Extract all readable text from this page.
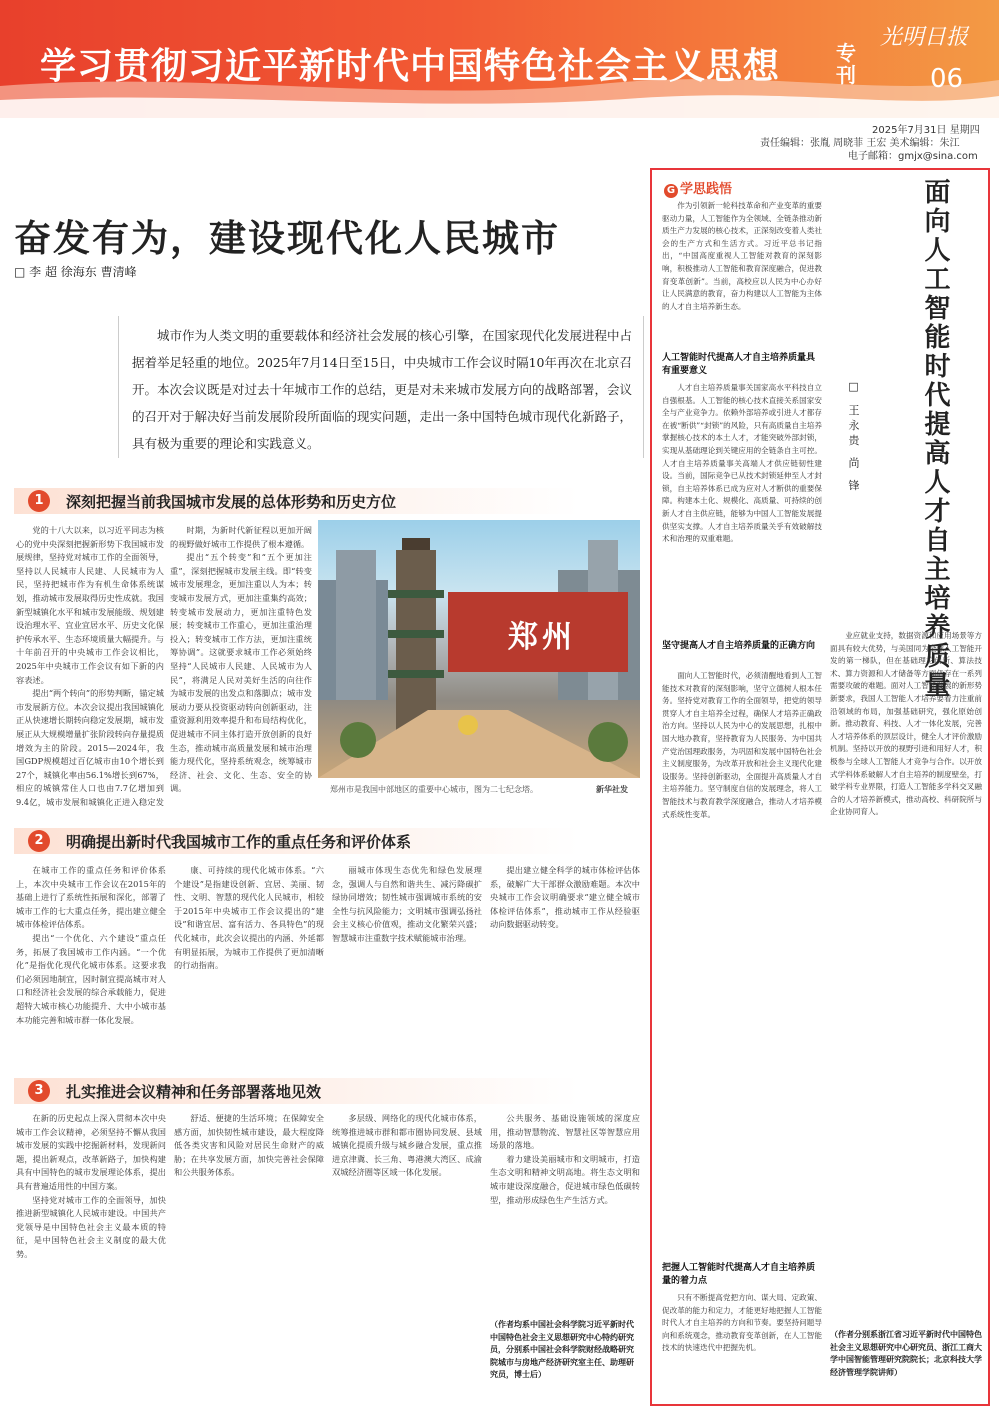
学习贯彻习近平新时代中国特色社会主义思想	专刊
光明日报
06
2025年7月31日 星期四
责任编辑：张胤 周晓菲 王宏 美术编辑：朱江
电子邮箱：gmjx@sina.com
奋发有为，建设现代化人民城市
□ 李 超 徐海东 曹清峰
城市作为人类文明的重要载体和经济社会发展的核心引擎，在国家现代化发展进程中占据着举足轻重的地位。2025年7月14日至15日，中央城市工作会议时隔10年再次在北京召开。本次会议既是对过去十年城市工作的总结，更是对未来城市发展方向的战略部署，会议的召开对于解决好当前发展阶段所面临的现实问题，走出一条中国特色城市现代化新路子，具有极为重要的理论和实践意义。
1	深刻把握当前我国城市发展的总体形势和历史方位

党的十八大以来，以习近平同志为核心的党中央深刻把握新形势下我国城市发展规律，坚持党对城市工作的全面领导，坚持以人民城市人民建、人民城市为人民，坚持把城市作为有机生命体系统谋划，推动城市发展取得历史性成就。我国新型城镇化水平和城市发展能级、规划建设治理水平、宜业宜居水平、历史文化保护传承水平、生态环境质量大幅提升。与十年前召开的中央城市工作会议相比，2025年中央城市工作会议有如下新的内容表述。

提出“两个转向”的形势判断，锚定城市发展新方位。本次会议提出我国城镇化正从快速增长期转向稳定发展期，城市发展正从大规模增量扩张阶段转向存量提质增效为主的阶段。2015—2024年，我国GDP规模超过百亿城市由10个增长到27个，城镇化率由56.1%增长到67%，相应的城镇常住人口也由7.7亿增加到9.4亿，城市发展和城镇化正进入稳定发

时期，为新时代新征程以更加开阔的视野做好城市工作提供了根本遵循。

提出“五个转变”和“五个更加注重”，深刻把握城市发展主线。即“转变城市发展理念，更加注重以人为本；转变城市发展方式，更加注重集约高效；转变城市发展动力，更加注重特色发展；转变城市工作重心，更加注重治理投入；转变城市工作方法，更加注重统筹协调”。这就要求城市工作必须始终坚持“人民城市人民建、人民城市为人民”，将满足人民对美好生活的向往作为城市发展的出发点和落脚点；城市发展动力要从投资驱动转向创新驱动，注重资源利用效率提升和布局结构优化，促进城市不同主体打造开放创新的良好生态，推动城市高质量发展和城市治理能力现代化，坚持系统观念，统筹城市经济、社会、文化、生态、安全的协调。

郑州
郑州市是我国中部地区的重要中心城市，图为二七纪念塔。	新华社发
2	明确提出新时代我国城市工作的重点任务和评价体系

在城市工作的重点任务和评价体系上，本次中央城市工作会议在2015年的基础上进行了系统性拓展和深化，部署了城市工作的七大重点任务，提出建立健全城市体检评估体系。

提出“一个优化、六个建设”重点任务，拓展了我国城市工作内涵。“一个优化”是指优化现代化城市体系。这要求我们必须因地制宜，因时制宜提高城市对人口和经济社会发展的综合承载能力，促进超特大城市核心功能提升、大中小城市基本功能完善和城市群一体化发展。

康、可持续的现代化城市体系。“六个建设”是指建设创新、宜居、美丽、韧性、文明、智慧的现代化人民城市，相较于2015年中央城市工作会议提出的“建设”和谐宜居、富有活力、各具特色”的现代化城市，此次会议提出的内涵、外延都有明显拓展，为城市工作提供了更加清晰的行动指南。

丽城市体现生态优先和绿色发展理念，强调人与自然和谐共生、减污降碳扩绿协同增效；韧性城市强调城市系统的安全性与抗风险能力；文明城市强调弘扬社会主义核心价值观，推动文化繁荣兴盛；智慧城市注重数字技术赋能城市治理。

提出建立健全科学的城市体检评估体系，破解广大干部群众激励难题。本次中央城市工作会议明确要求“建立健全城市体检评估体系”，推动城市工作从经验驱动向数据驱动转变。

3	扎实推进会议精神和任务部署落地见效

在新的历史起点上深入贯彻本次中央城市工作会议精神，必须坚持不懈从我国城市发展的实践中挖掘新材料，发现新问题，提出新观点，改革新路子，加快构建具有中国特色的城市发展理论体系，提出具有普遍适用性的中国方案。

坚持党对城市工作的全面领导，加快推进新型城镇化人民城市建设。中国共产党领导是中国特色社会主义最本质的特征，是中国特色社会主义制度的最大优势。

舒适、便捷的生活环境；在保障安全感方面，加快韧性城市建设，最大程度降低各类灾害和风险对居民生命财产的威胁；在共享发展方面，加快完善社会保障和公共服务体系。

多层级、网络化的现代化城市体系，统筹推进城市群和都市圈协同发展、县域城镇化提质升级与城乡融合发展，重点推进京津冀、长三角、粤港澳大湾区、成渝双城经济圈等区域一体化发展。

公共服务、基础设施领域的深度应用，推动智慧物流、智慧社区等智慧应用场景的落地。

着力建设美丽城市和文明城市，打造生态文明和精神文明高地。将生态文明和城市建设深度融合，促进城市绿色低碳转型，推动形成绿色生产生活方式。

（作者均系中国社会科学院习近平新时代中国特色社会主义思想研究中心特约研究员，分别系中国社会科学院财经战略研究院城市与房地产经济研究室主任、助理研究员，博士后）
G 学思践悟	面向人工智能时代提高人才自主培养质量
□ 王永贵 尚 锋

作为引领新一轮科技革命和产业变革的重要驱动力量，人工智能作为全领域、全链条推动新质生产力发展的核心技术，正深刻改变着人类社会的生产方式和生活方式。习近平总书记指出，“中国高度重视人工智能对教育的深刻影响，积极推动人工智能和教育深度融合，促进教育变革创新”。当前，高校应以人民为中心办好让人民满意的教育，奋力构建以人工智能为主体的人才自主培养新生态。

人工智能时代提高人才自主培养质量具有重要意义

人才自主培养质量事关国家高水平科技自立自强根基。人工智能的核心技术直接关系国家安全与产业竞争力。依赖外部培养或引进人才都存在被“断供”“封锁”的风险，只有高质量自主培养掌握核心技术的本土人才，才能突破外部封锁，实现从基础理论到关键应用的全链条自主可控。人才自主培养质量事关高端人才供应链韧性建设。当前，国际竞争已从技术封锁延伸至人才封锁，自主培养体系已成为应对人才断供的重要保障。构建本土化、规模化、高质量、可持续的创新人才自主供应链，能够为中国人工智能发展提供坚实支撑。人才自主培养质量关乎有效破解技术和治理的双重难题。

坚守提高人才自主培养质量的正确方向

面向人工智能时代，必须清醒地看到人工智能技术对教育的深刻影响，坚守立德树人根本任务。坚持党对教育工作的全面领导，把党的领导贯穿人才自主培养全过程，确保人才培养正确政治方向。坚持以人民为中心的发展思想，扎根中国大地办教育，坚持教育为人民服务、为中国共产党治国理政服务，为巩固和发展中国特色社会主义制度服务，为改革开放和社会主义现代化建设服务。坚持创新驱动，全面提升高质量人才自主培养能力。坚守制度自信的发展理念，将人工智能技术与教育教学深度融合，推动人才培养模式系统性变革。

业应就业支持，数据资源和应用场景等方面具有较大优势，与美国同为全球人工智能开发的第一梯队，但在基础理论创新、算法技术、算力资源和人才储备等方面仍存在一系列需要攻破的难题。面对人工智能发展的新形势新要求，我国人工智能人才培养要着力注重前沿领域的布局，加强基础研究，强化原始创新。推动教育、科技、人才一体化发展，完善人才培养体系的顶层设计，健全人才评价激励机制。坚持以开放的视野引进和用好人才，积极参与全球人工智能人才竞争与合作。以开放式学科体系破解人才自主培养的制度壁垒，打破学科专业界限，打造人工智能多学科交叉融合的人才培养新模式，推动高校、科研院所与企业协同育人。

把握人工智能时代提高人才自主培养质量的着力点

只有不断提高党把方向、谋大局、定政策、促改革的能力和定力，才能更好地把握人工智能时代人才自主培养的方向和节奏。要坚持问题导向和系统观念，推动教育变革创新，在人工智能技术的快速迭代中把握先机。

（作者分别系浙江省习近平新时代中国特色社会主义思想研究中心研究员、浙江工商大学中国智能管理研究院院长；北京科技大学经济管理学院讲师）
